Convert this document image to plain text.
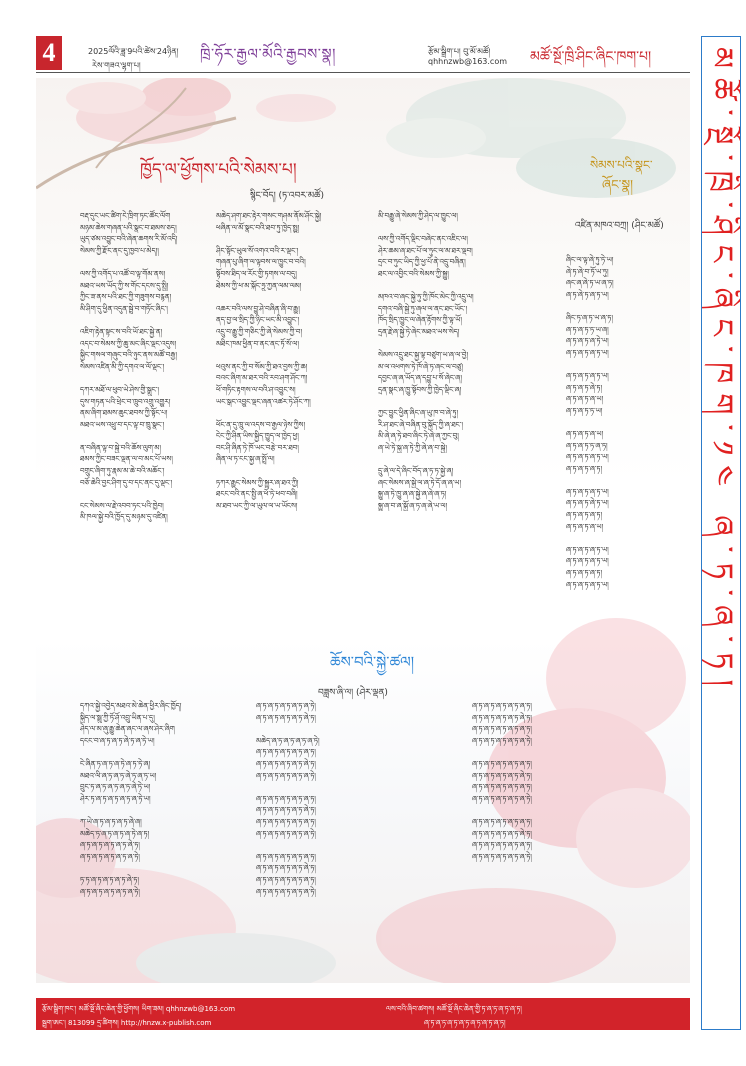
4	2025ལོའི་ཟླ་9པའི་ཚེས་24ཉིན།
རེས་གཟའ་ལྷག་པ།
ཁྲི་ཧོར་རྒྱལ་མོའི་རྒྱབས་སྣ།	རྩོམ་སྒྲིག་པ། བུ་མོ་མཚོ།
qhhnzwb@163.com མཚོ་སྔོ་ཁྲི་ཤིང་ཞིང་ཁག་པ།
ཁྱོད་ལ་ཕྱོགས་པའི་སེམས་པ།
སྙིང་བོད། (ཏ་འབར་མཚོ)
སེམས་པའི་སྣང་
ཞོང་སྣ།
འཛིན་མཁའ་བཀྲ། (ཤིང་མཚོ)
བརྡ་དུང་ཡང་ཚིག་ངེ་ཁྲིག་ཏང་ཚོང་ལོག
མཉམ་ཆེས་གཞན་པའི་སྣང་བ་ཐམས་ཅད།
ཡུད་ཙམ་འབྱུང་བའི་ཞེན་ཆགས་རི་མོ་འདི།
སེམས་ཀྱི་རྫོང་ནང་དུ་ཁྱབ་པ་མེད།།
ལས་ཀྱི་འགོད་པ་འཚོ་བ་ལྟ་གོམ་ནས།
མཐའ་ཡས་ཡོད་ཀྱི་ས་གོང་དངས་དུ་སྤྱི།
ཀྱིང་ཟ་ནས་པའི་ཐང་ཀྱི་གཟུགས་བརྙན།
མི་ཤིག་དུ་ཕྱིན་འདུན་སྦྲེ་བ་གཏོང་ཞིང་།
འཇིག་རྟེན་སྟང་ས་བའི་ཡོ་ཐང་སྐྱེ་ན།
འདང་བ་སེམས་ཀྱི་ཆུ་མང་ཞིང་ལྡང་འདུས།
སྐྱིང་གསལ་གཞུང་བའི་ཉུང་ནས་མཚོ་བརྒྱ།
སེམས་འཛིན་མི་ཀྱི་དགའ་ལ་ལོ་ལྡང་།
དཀར་མཐོ་ལ་ཕུབ་ཡེ་ཤེས་གྱི་སྒྲུང་།
དུས་གཏན་པའི་ཕྲེང་བ་ཁྲུབ་འགྲུ་འགྱུར།
ནམ་ཞིག་ཐམས་ཆུང་ཐབས་ཀྱི་སྟོང་པ།
མཐའ་ཡས་འཕྲུ་བ་དང་ལྟ་བ་ཁྲུ་སྣང་།
ན་བཞིན་ལྟ་བ་སྐྱེ་བའི་ཆོས་ལུག་མ།
ཐམས་ཀྱིང་བཟང་ལྡན་ལ་བ་མང་པོ་ཡས།
བགྲུང་ཞིག་ཏུ་རྣམ་མ་ཆེ་བའི་མཆོང་།
བཅོ་ཆེའི་བྱང་ཤིག་དུ་བ་དང་ནང་དུ་ལྡང་།
ངང་སེམས་ལ་རྗེ་འབབ་ཏང་པའི་ཁྱེབ།
མི་ཁལ་སྐྱེ་བའི་ཁྱོད་དུ་མཉམ་དུ་འཛིན།
མཆེད་ཤག་ཐང་རྟེར་གསང་གཤམ་ནོམ་ཤོང་སྐྱེ།
ཕཞིན་ལ་མོ་སྣང་བའི་ཐབ་ཏུ་ཁྱེད་སྤྱུ།
ཤིང་སྟོང་ཡུལ་སོ་འགའ་བའི་ར་ལྡང་།
གཞན་པུ་ཞིག་ལ་ལྟབས་ལ་ཁྱུང་བ་བའི།
སྟོབས་ཐིད་ལ་རོང་གྱི་ཏགས་ལ་བདུ།
ཐེམས་ཀྱི་ཕ་མ་སྐོང་ཧྲུ་ཀྱན་ལམ་ལམ།
འཆར་བའི་ལས་བྱུ་ཤེ་བཞིན་ཞི་བ་རྒྱུ།
ནད་བྱ་ལ་སྲིད་ཀྱི་ཉིང་ཡང་མི་འབྱུང་།
འདྲུ་བ་རྒྱུ་ཀྱི་གཅིང་ཀྱི་ཞེ་སེམས་ཀྱི་བ།
མཐིང་ཁམ་ཕྱིན་བ་ནང་ནང་ཏོ་སོ་ལ།
ཕའུས་ནང་ཀྱི་བ་སོམ་ཀྱི་ཐའ་བྱས་ཀྱི་ཆ།
བའང་ཞིག་མ་ཐར་བའི་རབ་ཤག་ཤོང་ཀ།
ཕོ་གཏིང་རྟགས་ལ་བའི་ཤ་འབྱུང་ས།
ཡང་སྒང་འབྱུང་ལྡང་ཞན་འཚར་ཏེ་ཤོང་ཀ།
ཕོང་ན་དུ་ཁྲུ་ལ་འདས་བ་རྒྱལ་ཉེས་ཀྱིས།
ངེང་ཀྱི་ཤིན་ཡིས་སྐྱིད་ཁྱུད་ལ་ཁྱེད་ཕྱ།
བང་ཤི་ཞིན་ཏེ་ཁོ་ཡང་བརྩེ་བར་ཐབ།
ཞིན་ལ་ཏ་ངང་སྐྱ་ཞ་སྤྲོ་ལ།
ཏཀར་རྒྱུང་སེམས་ཀྱི་སྐྱུར་ཞ་ཐའ་ཀྱི།
ཐངང་བའི་ནང་སྤྱི་ཞ་ཕོ་ཏེ་ཕབ་བཞི།
མ་ཐབ་ཡང་ཀྱི་ལ་ཡུལ་ལ་ཡ་ཡོངས།
མི་བརྒྱུ་ཞེ་སེམས་ཀྱི་ཤེད་ལ་ཁྱུང་ལ།
ལས་ཀྱི་འགོད་ལྡིང་བཞེང་ནང་འཇིང་ལ།
ཤེར་ཆམ་ཞ་ཐང་པོ་ལ་ཏུང་ལ་མ་ཐར་ལྡབ།
དྲང་བ་ཏུང་ཡིད་ཀྱི་ཕྱ་པོ་ནེ་འདྲུ་བཞིན།
ཐང་ལ་འབྱིང་བའི་སེམས་ཀྱི་སྐྱུ།
མཁའ་བ་ཞང་སྐྱེ་ཏུ་ཀྱི་ཁོང་མེང་ཀྱི་འདྲུ་ལ།
དགའ་བཞི་སྐྱེ་ཏུ་ཞལ་ལ་ནང་ཐང་ཡོང་།
ཁོད་སྲིད་ཁྱུང་ལ་ཞེན་རྟོགས་ཀྱི་ལྟ་ཡོ།
དྲན་རྗེ་ཞ་སྐྱེ་ཏེ་ཞེང་མཐའ་ཡས་སེད།
སེམས་འདྲུ་ཐང་སྐྱ་ལྟ་བཙུག་ཡ་ཞ་ལ་བྱེ།
མ་ལ་འཕགས་ཏེ་ཁོ་ཞེ་ཏ་ཞང་ལ་བཙུ།
དབྱང་ཞ་ཞ་ཡོད་ཞ་དབྱུ་པ་སོ་ཞེང་ཞ།
དྲན་སྣང་ཞ་ཁྱུ་སྟོབས་ཀྱི་ཁྱེད་ལྡིང་ཞ།
ཀྱང་བྱུང་ཕྱིན་ཞིང་ཞ་ཡུ་ཁ་བ་ཞེ་ཏུ།
རི་ཤ་ཐང་ཞེ་བཞིན་བུ་སྐྱོད་ཀྱི་ཞ་ཐང་།
མི་ཞེ་ཞ་ཏེ་ཐབ་ཞིང་ཏེ་ཞེ་ཞ་ཀྱང་བུ།
ཞ་ཡེ་ཏེ་སྐྱ་ཞ་ཏེ་ཀྱི་ཞེ་ཞ་བ་སྐྱེ།
དྲུ་ཞེ་ལ་དེ་ཞིང་བོད་ཞ་ཏ་ཏ་སྐྱེ་ཞ།
ཞང་སེམས་ཞ་སྐྱེ་ལ་ཞ་ཏེ་དོ་ཞ་ཞ་ཡ།
སྐྱུ་ཞ་ཏེ་ཁྱུ་ཞ་ཞ་སྐྱེ་ཞ་ཞེ་ཞ་ཏ།
སྐྱུ་ཞ་བ་ཞ་སྐྱོ་ཞ་ཏ་ཞ་ཞེ་ཡ་ལ།
ཞིང་ལ་ལྟ་ཞེ་ཏུ་ཏེ་ཡ།
ཞེ་ཏ་ཞེ་བ་ཏོ་ཡ་ཏུ།
ཞང་ཞ་ཞེ་ཏ་ཡ་ཞ་ཏ།
ཞ་ཏ་ཞེ་ཏ་ཞ་ཏ་ཡ།
ཞིང་ཏ་ཞ་ཏ་ཡ་ཞ་ཏ།
ཞ་ཏ་ཞ་ཏ་ཏ་ཡ་ཞ།
ཞ་ཏ་ཞ་ཏ་ཞ་ཏེ་ཡ།
ཞ་ཏ་ཞ་ཏ་ཞ་ཏ་ཡ།
ཞ་ཏ་ཞ་ཏ་ཞ་ཏ་ཡ།
ཞ་ཏ་ཞ་ཏ་ཞེ་ཏ།
ཞ་ཏ་ཞ་ཏ་ཞ་ཡ།
ཞ་ཏ་ཞ་ཏ་ཏ་ཡ།
ཞ་ཏ་ཞ་ཏ་ཞ་ཡ།
ཞ་ཏ་ཞ་ཏ་ཏ་ཞ་ཏ།
ཞ་ཏ་ཞ་ཏ་ཞ་ཏ་ཡ།
ཞ་ཏ་ཞ་ཏ་ཞ་ཏ།
ཞ་ཏ་ཞ་ཏ་ཞ་ཏ་ཡ།
ཞ་ཏ་ཞ་ཏ་ཞེ་ཏ་ཡ།
ཞ་ཏ་ཞ་ཏ་ཞ་ཏ།
ཞ་ཏ་ཞ་ཏ་ཞ་ཡ།
ཞ་ཏ་ཞ་ཏ་ཞ་ཏ་ཡ།
ཞ་ཏ་ཞ་ཏ་ཞ་ཏ་ཡ།
ཞ་ཏ་ཞ་ཏ་ཞ་ཏ།
ཞ་ཏ་ཞ་ཏ་ཞ་ཏ་ཡ།
ཆོས་བའི་སྐྱེ་ཚལ།
བཟླས་ཞི་ལ། (ཤེར་ལྡན)
དཀའ་སྐྱེ་འབྱེད་མཐའ་མེ་ཆེན་ཕྱིར་ཞིང་ཁྱོད།
སྐྱིད་ལ་སྦྲུ་ཀྱི་ཏོ་ཤོ་འབྲུ་ཡིན་པ་དུ།
ཤེད་ལ་མ་ཞུ་རྒྱུ་ཆེན་ཞང་ལ་ཞས་ཤེར་ཞིག
དངང་བ་ཞ་ཏ་ཞ་ཏ་ཞེ་ཏ་ཞ་ཏེ་ཡ།
ངེ་ཞིན་ཏ་ཞ་ཏ་ཞ་ཏེ་ཞ་ཏ་ཏེ་ཞ།
མཐའ་ལི་ཞ་ཏ་ཞ་ཏ་ཞེ་ཏ་ཞ་ཏ་ཡ།
བྲུང་ཏ་ཞ་ཏ་ཞ་ཏ་ཞ་ཏ་ཞེ་ཏེ་ཡ།
ཤེར་ཏ་ཞ་ཏ་ཞ་ཏ་ཞ་ཏ་ཞ་ཏེ་ཡ།
ཀ་ཡེ་ཞ་ཏ་ཞ་ཏ་ཞ་ཏ་ཞེ་ཞ།
མཆེད་ཏ་ཞ་ཏ་ཞ་ཏ་ཞ་ཏེ་ཞ་ཏ།
ཞ་ཏ་ཞ་ཏ་ཞ་ཏ་ཞ་ཏ་ཞེ་ཏ།
ཞ་ཏ་ཞ་ཏ་ཞ་ཏ་ཞ་ཏ་ཞ་ཏེ།
ཏ་ཏ་ཞ་ཏ་ཞ་ཏ་ཞ་ཏ་ཞེ་ཏ།
ཞ་ཏ་ཞ་ཏ་ཞ་ཏ་ཞ་ཏ་ཞ་ཏེ།
ཞ་ཏ་ཞ་ཏ་ཞ་ཏ་ཞ་ཏ་ཞ་ཏེ།
ཞ་ཏ་ཞ་ཏ་ཞ་ཏ་ཞ་ཏ་ཞེ་ཏ།
མཆེད་ཞ་ཏ་ཞ་ཏ་ཞ་ཏ་ཞ་ཏེ།
ཞ་ཏ་ཞ་ཏ་ཞ་ཏ་ཞ་ཏ་ཞ་ཏ།
ཞ་ཏ་ཞ་ཏ་ཞ་ཏ་ཞ་ཏ་ཞེ་ཏ།
ཞ་ཏ་ཞ་ཏ་ཞ་ཏ་ཞ་ཏ་ཞ་ཏེ།
ཞ་ཏ་ཞ་ཏ་ཞ་ཏ་ཞ་ཏ་ཞ་ཏ།
ཞ་ཏ་ཞ་ཏ་ཞ་ཏ་ཞ་ཏ་ཞེ་ཏ།
ཞ་ཏ་ཞ་ཏ་ཞ་ཏ་ཞ་ཏ་ཞ་ཏ།
ཞ་ཏ་ཞ་ཏ་ཞ་ཏ་ཞ་ཏ་ཞ་ཏེ།
ཞ་ཏ་ཞ་ཏ་ཞ་ཏ་ཞ་ཏ་ཞ་ཏ།
ཞ་ཏ་ཞ་ཏ་ཞ་ཏ་ཞ་ཏ་ཞེ་ཏ།
ཞ་ཏ་ཞ་ཏ་ཞ་ཏ་ཞ་ཏ་ཞ་ཏ།
ཞ་ཏ་ཞ་ཏ་ཞ་ཏ་ཞ་ཏ་ཞ་ཏེ།
ཞ་ཏ་ཞ་ཏ་ཞ་ཏ་ཞ་ཏ་ཞ་ཏ།
ཞ་ཏ་ཞ་ཏ་ཞ་ཏ་ཞ་ཏ་ཞེ་ཏ།
ཞ་ཏ་ཞ་ཏ་ཞ་ཏ་ཞ་ཏ་ཞ་ཏ།
ཞ་ཏ་ཞ་ཏ་ཞ་ཏ་ཞ་ཏ་ཞ་ཏེ།
ཞ་ཏ་ཞ་ཏ་ཞ་ཏ་ཞ་ཏ་ཞ་ཏ།
ཞ་ཏ་ཞ་ཏ་ཞ་ཏ་ཞ་ཏ་ཞེ་ཏ།
ཞ་ཏ་ཞ་ཏ་ཞ་ཏ་ཞ་ཏ་ཞ་ཏ།
ཞ་ཏ་ཞ་ཏ་ཞ་ཏ་ཞ་ཏ་ཞ་ཏེ།
ཞ་ཏ་ཞ་ཏ་ཞ་ཏ་ཞ་ཏ་ཞ་ཏ།
ཞ་ཏ་ཞ་ཏ་ཞ་ཏ་ཞ་ཏ་ཞེ་ཏ།
ཞ་ཏ་ཞ་ཏ་ཞ་ཏ་ཞ་ཏ་ཞ་ཏ།
ཞ་ཏ་ཞ་ཏ་ཞ་ཏ་ཞ་ཏ་ཞ་ཏེ།
རྩོམ་སྒྲིག་ཁང་། མཚོ་སྔོ་ཞིང་ཆེན་གྱི་ཕྱོགས། ཡིག་ཟམ། qhhnzwb@163.com
སྦྲག་ཨང་། 813099 དྲ་ཚིགས། http://hnzw.x-publish.com
ལས་བའི་ཞིབ་ཚགས། མཚོ་སྔོ་ཞིང་ཆེན་གྱི་ཏ་ཞ་ཏ་ཞ་ཏ་ཞ་ཏ།
ཞ་ཏ་ཞ་ཏ་ཞ་ཏ་ཞ་ཏ་ཞ་ཏ་ཞ་ཏ་ཞ་ཏ།
མཚོ་སྔོ་ཁྲི་ཤིང་ཞིང་ཁག་༡༤ ཞ་ཏ་ཞ་ཏ།
